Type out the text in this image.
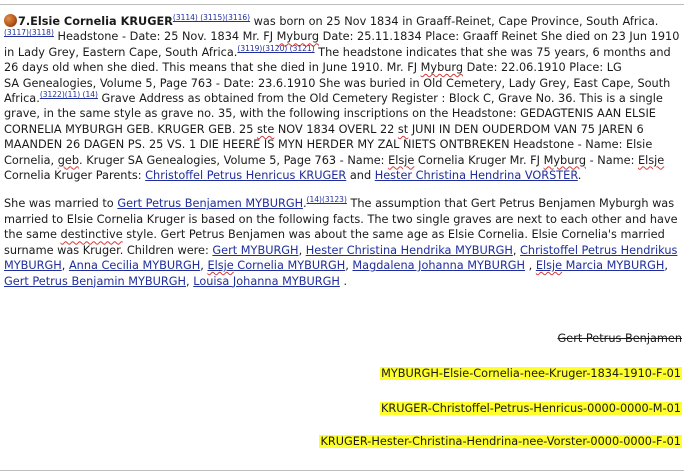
7.Elsie Cornelia KRUGER$^{(3114) (3115)(3116)}$ was born on 25 Nov 1834 in Graaff-Reinet, Cape Province, South Africa. $^{(3117)(3118)}$ Headstone - Date: 25 Nov. 1834 Mr. FJ Myburg Date: 25.11.1834 Place: Graaff Reinet She died on 23 Jun 1910 in Lady Grey, Eastern Cape, South Africa.$^{(3119)(3120) (3121)}$ The headstone indicates that she was 75 years, 6 months and 26 days old when she died. This means that she died in June 1910. Mr. FJ Myburg Date: 22.06.1910 Place: LG
SA Genealogies, Volume 5, Page 763 - Date: 23.6.1910 She was buried in Old Cemetery, Lady Grey, East Cape, South Africa.$^{(3122)(11) (14)}$ Grave Address as obtained from the Old Cemetery Register : Block C, Grave No. 36. This is a single grave, in the same style as grave no. 35, with the following inscriptions on the Headstone: GEDAGTENIS AAN ELSIE CORNELIA MYBURGH GEB. KRUGER GEB. 25 ste NOV 1834 OVERL 22 st JUNI IN DEN OUDERDOM VAN 75 JAREN 6 MAANDEN 26 DAGEN PS. 25 VS. 1 DIE HEERE IS MYN HERDER MY ZAL NIETS ONTBREKEN Headstone - Name: Elsie Cornelia, geb. Kruger SA Genealogies, Volume 5, Page 763 - Name: Elsje Cornelia Kruger Mr. FJ Myburg - Name: Elsje Cornelia Kruger Parents: Christoffel Petrus Henricus KRUGER and Hester Christina Hendrina VORSTER.

She was married to Gert Petrus Benjamen MYBURGH.$^{(14)(3123)}$ The assumption that Gert Petrus Benjamen Myburgh was married to Elsie Cornelia Kruger is based on the following facts. The two single graves are next to each other and have the same destinctive style. Gert Petrus Benjamen was about the same age as Elsie Cornelia. Elsie Cornelia's married surname was Kruger. Children were: Gert MYBURGH, Hester Christina Hendrika MYBURGH, Christoffel Petrus Hendrikus MYBURGH, Anna Cecilia MYBURGH, Elsje Cornelia MYBURGH, Magdalena Johanna MYBURGH , Elsje Marcia MYBURGH, Gert Petrus Benjamin MYBURGH, Louisa Johanna MYBURGH .

Gert Petrus Benjamen
MYBURGH-Elsie-Cornelia-nee-Kruger-1834-1910-F-01
KRUGER-Christoffel-Petrus-Henricus-0000-0000-M-01
KRUGER-Hester-Christina-Hendrina-nee-Vorster-0000-0000-F-01
